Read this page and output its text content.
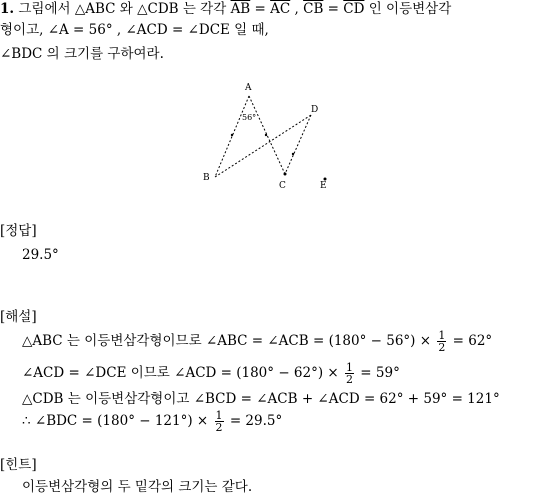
1. 그림에서 △ABC 와 △CDB 는 각각 $\overline{AB} = \overline{AC}$ , $\overline{CB} = \overline{CD}$ 인 이등변삼각
형이고, ∠A = 56° , ∠ACD = ∠DCE 일 때,
∠BDC 의 크기를 구하여라.
A
B
C
D
E
56°
[정답]
29.5°
[해설]
△ABC 는 이등변삼각형이므로 ∠ABC = ∠ACB = $(180^\circ - 56^\circ) \times \frac{1}{2} = 62^\circ$
∠ACD = ∠DCE 이므로 ∠ACD = $(180^\circ - 62^\circ) \times \frac{1}{2} = 59^\circ$
△CDB 는 이등변삼각형이고 ∠BCD = ∠ACB + ∠ACD = 62° + 59° = 121°
∴ ∠BDC = $(180^\circ - 121^\circ) \times \frac{1}{2} = 29.5^\circ$
[힌트]
이등변삼각형의 두 밑각의 크기는 같다.
